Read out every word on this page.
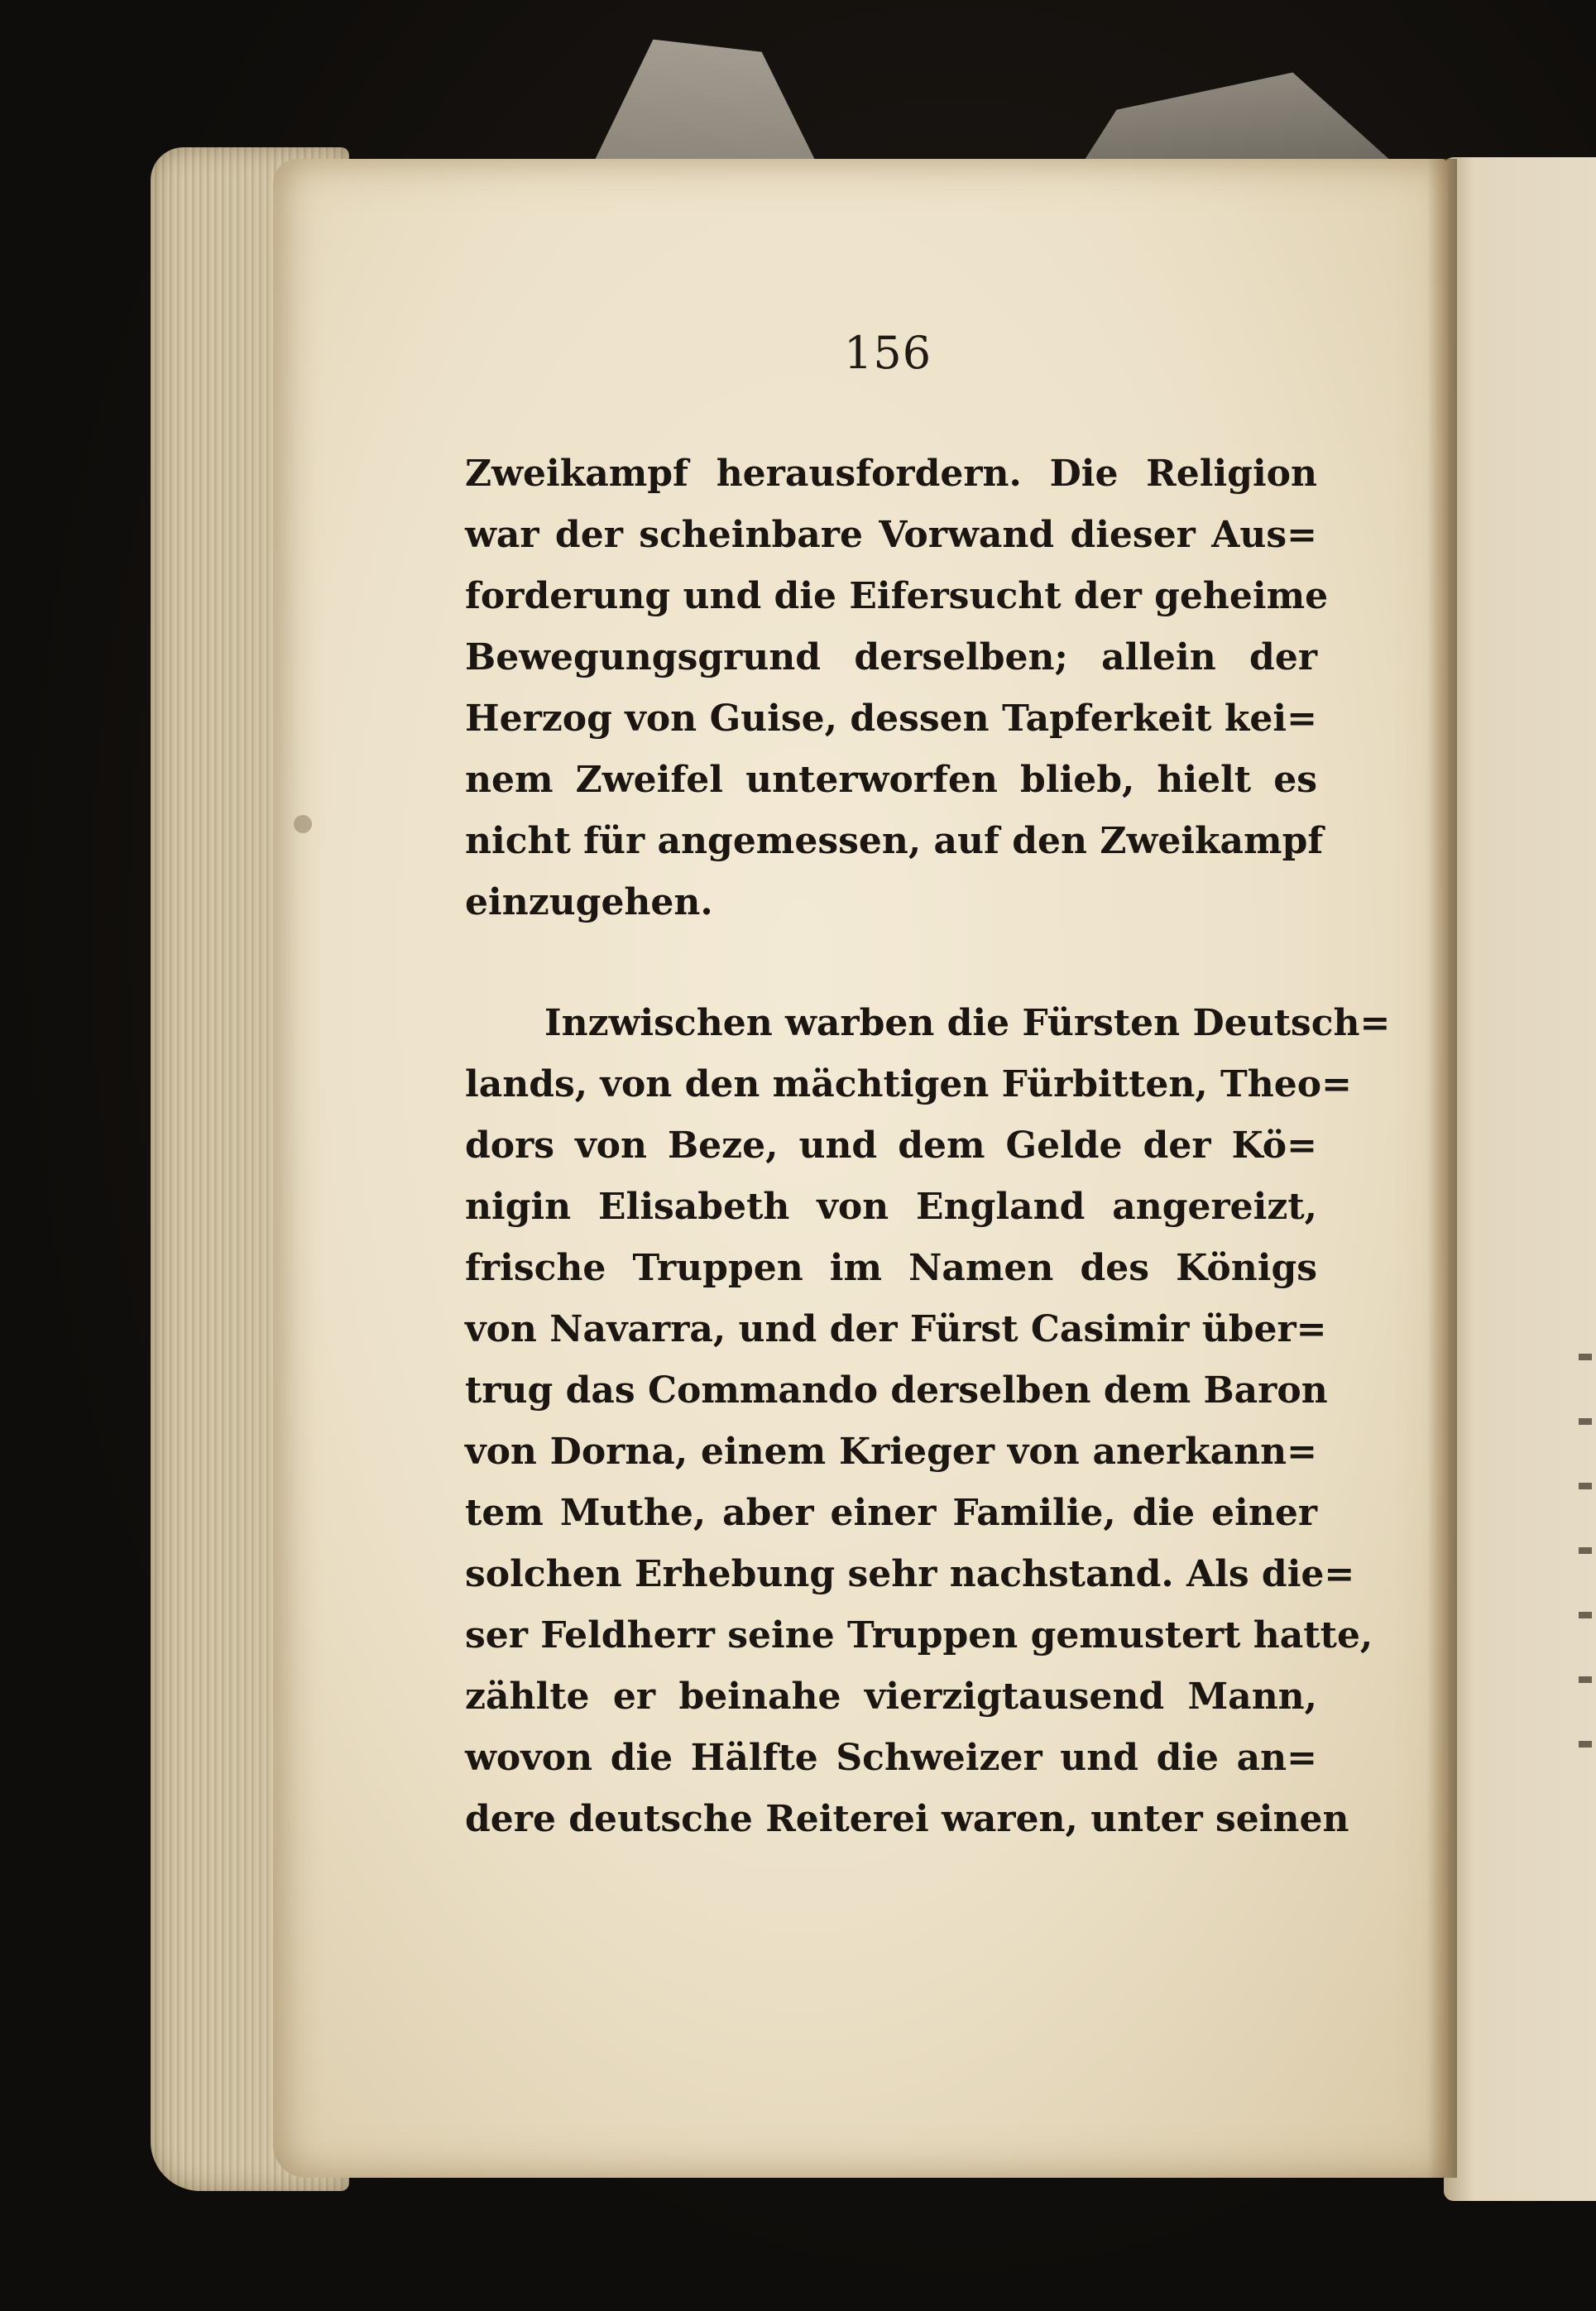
156
Zweikampf herausfordern. Die Religion
war der scheinbare Vorwand dieser Aus=
forderung und die Eifersucht der geheime
Bewegungsgrund derselben; allein der
Herzog von Guise, dessen Tapferkeit kei=
nem Zweifel unterworfen blieb, hielt es
nicht für angemessen, auf den Zweikampf
einzugehen.
Inzwischen warben die Fürsten Deutsch=
lands, von den mächtigen Fürbitten, Theo=
dors von Beze, und dem Gelde der Kö=
nigin Elisabeth von England angereizt,
frische Truppen im Namen des Königs
von Navarra, und der Fürst Casimir über=
trug das Commando derselben dem Baron
von Dorna, einem Krieger von anerkann=
tem Muthe, aber einer Familie, die einer
solchen Erhebung sehr nachstand. Als die=
ser Feldherr seine Truppen gemustert hatte,
zählte er beinahe vierzigtausend Mann,
wovon die Hälfte Schweizer und die an=
dere deutsche Reiterei waren, unter seinen
